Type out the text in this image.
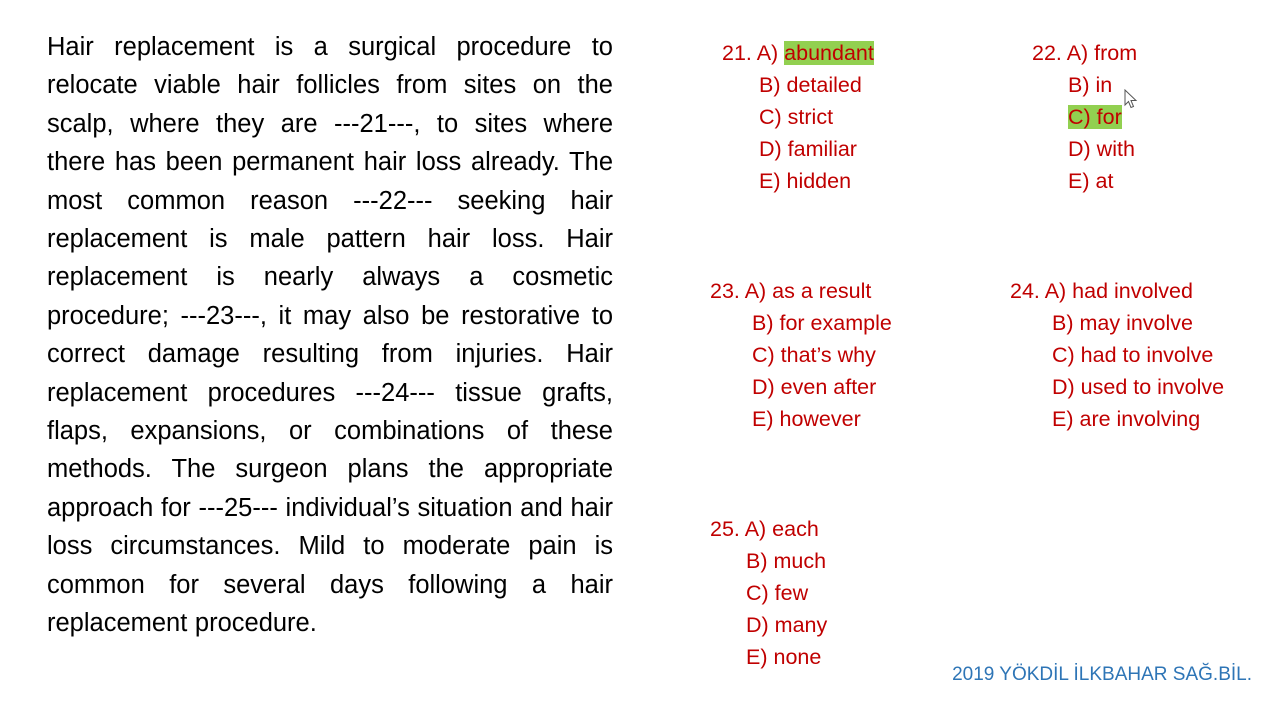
Hair replacement is a surgical procedure to relocate viable hair follicles from sites on the scalp, where they are ---21---, to sites where there has been permanent hair loss already. The most common reason ---22--- seeking hair replacement is male pattern hair loss. Hair replacement is nearly always a cosmetic procedure; ---23---, it may also be restorative to correct damage resulting from injuries. Hair replacement procedures ---24--- tissue grafts, flaps, expansions, or combinations of these methods. The surgeon plans the appropriate approach for ---25--- individual’s situation and hair loss circumstances. Mild to moderate pain is common for several days following a hair replacement procedure.

21. A) abundant
B) detailed
C) strict
D) familiar
E) hidden
22. A) from
B) in
C) for
D) with
E) at
23. A) as a result
B) for example
C) that’s why
D) even after
E) however
24. A) had involved
B) may involve
C) had to involve
D) used to involve
E) are involving
25. A) each
B) much
C) few
D) many
E) none
2019 YÖKDİL İLKBAHAR SAĞ.BİL.
